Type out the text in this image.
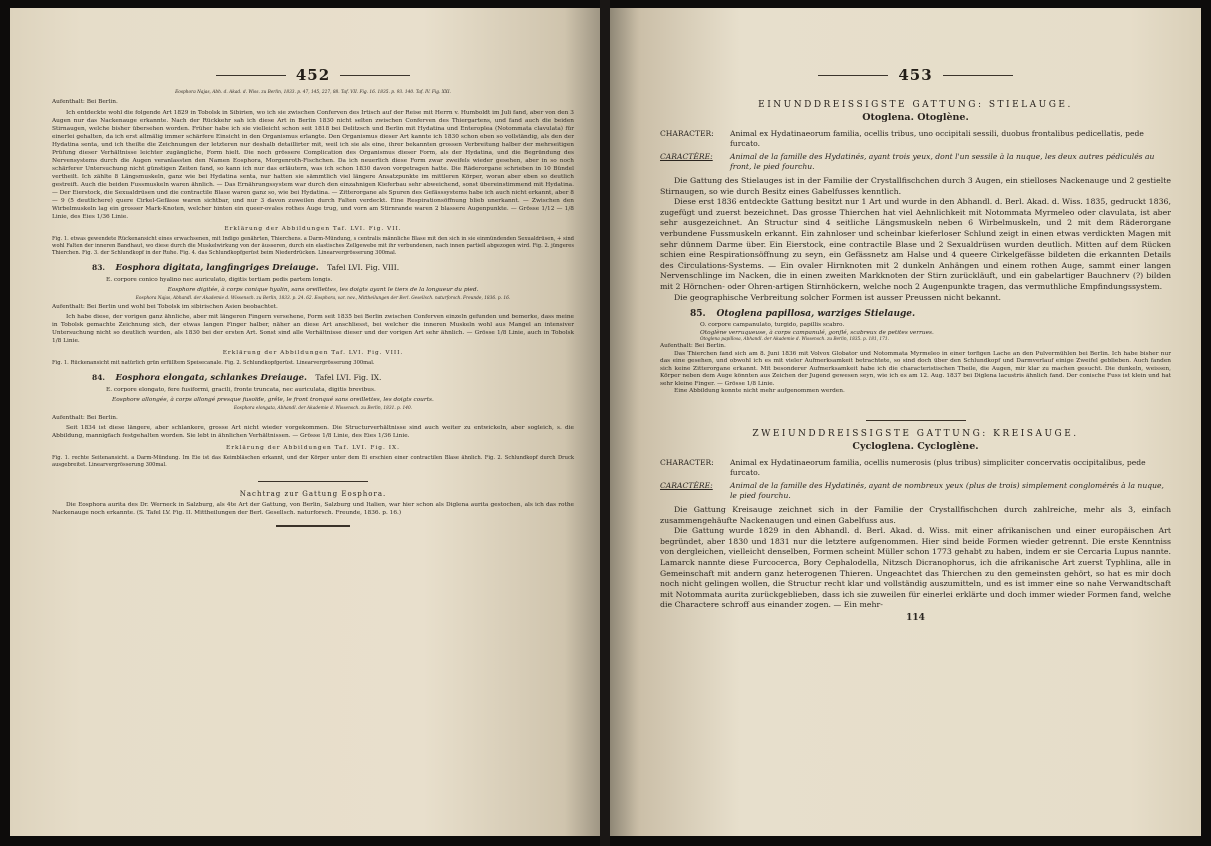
452

Eosphora Najas, Abh. d. Akad. d. Wiss. zu Berlin, 1833. p. 47, 145, 227, 88. Taf. VII. Fig. 16. 1835. p. 93. 140. Taf. IV. Fig. XXI.

Aufenthalt: Bei Berlin.

Ich entdeckte wohl die folgende Art 1829 in Tobolsk in Sibirien, wo ich sie zwischen Conferven des Irtisch auf der Reise mit Herrn v. Humboldt im Juli fand, aber von den 3 Augen nur das Nackenauge erkannte. Nach der Rückkehr sah ich diese Art in Berlin 1830 nicht selten zwischen Conferven des Thiergartens, und fand auch die beiden Stirnaugen, welche bisher übersehen worden. Früher habe ich sie vielleicht schon seit 1818 bei Delitzsch und Berlin mit Hydatina und Enteroplea (Notommata clavulata) für einerlei gehalten, da ich erst allmälig immer schärfere Einsicht in den Organismus erlangte. Den Organismus dieser Art kannte ich 1830 schon eben so vollständig, als den der Hydatina senta, und ich theilte die Zeichnungen der letzteren nur deshalb detaillirter mit, weil ich sie als eine, ihrer bekannten grossen Verbreitung halber der mehrseitigen Prüfung dieser Verhältnisse leichter zugängliche, Form hielt. Die noch grössere Complication des Organismus dieser Form, als der Hydatina, und die Begründung des Nervensystems durch die Augen veranlassten den Namen Eosphora, Morgenroth-Fischchen. Da ich neuerlich diese Form zwar zweifels wieder gesehen, aber in so noch schärferer Untersuchung nicht günstigen Zeiten fand, so kann ich nur das erläutern, was ich schon 1830 davon vorgetragen hatte. Die Räderorgane schrieben in 10 Bündel vertheilt. Ich zählte 8 Längsmuskeln, ganz wie bei Hydatina senta, nur hatten sie sämmtlich viel längere Ansatzpunkte im mittleren Körper, woran aber eben so deutlich gestreift. Auch die beiden Fussmuskeln waren ähnlich. — Das Ernährungssystem war durch den einzahnigen Kieferbau sehr abweichend, sonst übereinstimmend mit Hydatina. — Der Eierstock, die Sexualdrüsen und die contractile Blase waren ganz so, wie bei Hydatina. — Zitterorgane als Spuren des Gefässsystems habe ich auch nicht erkannt, aber 8 — 9 (5 deutlichere) quere Cirkel-Gefässe waren sichtbar, und nur 3 davon zuweilen durch Falten verdeckt. Eine Respirationsöffnung blieb unerkannt. — Zwischen den Wirbelmuskeln lag ein grosser Mark-Knoten, welcher hinten ein queer-ovales rothes Auge trug, und vorn am Stirnrande waren 2 blassere Augenpunkte. — Grösse 1/12 — 1/8 Linie, des Eies 1/36 Linie.

Erklärung der Abbildungen Taf. LVI. Fig. VII.

Fig. 1. etwas gewendete Rückenansicht eines erwachsenen, mit Indigo genährten, Thierchens. a Darm-Mündung, s centralis männliche Blase mit den sich in sie einmündenden Sexualdrüsen, + sind wohl Falten der inneren Bandhaut, wo diese durch die Muskelwirkung von der äusseren, durch ein elastisches Zellgewebe mit ihr verbundenen, nach innen partiell abgezogen wird. Fig. 2. jüngeres Thierchen. Fig. 3. der Schlundkopf in der Ruhe. Fig. 4. das Schlundkopfgerüst beim Niederdrücken. Linearvergrösserung 300mal.

83. Eosphora digitata, langfingriges Dreiauge. Tafel LVI. Fig. VIII.

E. corpore conico hyalino nec auriculato, digitis tertiam pedis partem longis.

Eosphore digitée, à corps conique hyalin, sans oreillettes, les doigts ayant le tiers de la longueur du pied.

Eosphora Najas, Abhandl. der Akademie d. Wissensch. zu Berlin, 1833. p. 24. 62. Eosphora, var. nov., Mittheilungen der Berl. Gesellsch. naturforsch. Freunde, 1836. p. 16.

Aufenthalt: Bei Berlin und wohl bei Tobolsk im sibirischen Asien beobachtet.

Ich habe diese, der vorigen ganz ähnliche, aber mit längeren Fingern versehene, Form seit 1835 bei Berlin zwischen Conferven einzeln gefunden und bemerke, dass meine in Tobolsk gemachte Zeichnung sich, der etwas langen Finger halber, näher an diese Art anschliesst, bei welcher die inneren Muskeln wohl aus Mangel an intensiver Untersuchung nicht so deutlich wurden, als 1830 bei der ersten Art. Sonst sind alle Verhältnisse dieser und der vorigen Art sehr ähnlich. — Grösse 1/8 Linie, auch in Tobolsk 1/8 Linie.

Erklärung der Abbildungen Taf. LVI. Fig. VIII.

Fig. 1. Rückenansicht mit natürlich grün erfülltem Speisecanale. Fig. 2. Schlundkopfgerüst. Linearvergrösserung 300mal.

84. Eosphora elongata, schlankes Dreiauge. Tafel LVI. Fig. IX.

E. corpore elongato, fere fusiformi, gracili, fronte truncata, nec auriculata, digitis brevibus.

Eosphore allongée, à corps allongé presque fusoïde, grêle, le front tronqué sans oreillettes, les doigts courts.

Eosphora elongata, Abhandl. der Akademie d. Wissensch. zu Berlin, 1831. p. 140.

Aufenthalt: Bei Berlin.

Seit 1834 ist diese längere, aber schlankere, grosse Art nicht wieder vorgekommen. Die Structurverhältnisse sind auch weiter zu entwickeln, aber sogleich, s. die Abbildung, mannigfach festgehalten worden. Sie lebt in ähnlichen Verhältnissen. — Grösse 1/8 Linie, des Eies 1/36 Linie.

Erklärung der Abbildungen Taf. LVI. Fig. IX.

Fig. 1. rechte Seitenansicht. a Darm-Mündung. Im Eie ist das Keimbläschen erkannt, und der Körper unter dem Ei erschien einer contractilen Blase ähnlich. Fig. 2. Schlundkopf durch Druck ausgebreitet. Linearvergrösserung 300mal.

Nachtrag zur Gattung Eosphora.

Die Eosphora aurita des Dr. Werneck in Salzburg, als 4te Art der Gattung, von Berlin, Salzburg und Italien, war hier schon als Diglena aurita gestochen, als ich das rothe Nackenauge noch erkannte. (S. Tafel LV. Fig. II. Mittheilungen der Berl. Gesellsch. naturforsch. Freunde, 1836. p. 16.)

453

EINUNDDREISSIGSTE GATTUNG: STIELAUGE.

Otoglena. Otoglène.

CHARACTER:	Animal ex Hydatinaeorum familia, ocellis tribus, uno occipitali sessili, duobus frontalibus pedicellatis, pede furcato.
CARACTÈRE:	Animal de la famille des Hydatinés, ayant trois yeux, dont l'un sessile à la nuque, les deux autres pédiculés au front, le pied fourchu.

Die Gattung des Stielauges ist in der Familie der Crystallfischchen durch 3 Augen, ein stielloses Nackenauge und 2 gestielte Stirnaugen, so wie durch Besitz eines Gabelfusses kenntlich.

Diese erst 1836 entdeckte Gattung besitzt nur 1 Art und wurde in den Abhandl. d. Berl. Akad. d. Wiss. 1835, gedruckt 1836, zugefügt und zuerst bezeichnet. Das grosse Thierchen hat viel Aehnlichkeit mit Notommata Myrmeleo oder clavulata, ist aber sehr ausgezeichnet. An Structur sind 4 seitliche Längsmuskeln neben 6 Wirbelmuskeln, und 2 mit dem Räderorgane verbundene Fussmuskeln erkannt. Ein zahnloser und scheinbar kieferloser Schlund zeigt in einen etwas verdickten Magen mit sehr dünnem Darme über. Ein Eierstock, eine contractile Blase und 2 Sexualdrüsen wurden deutlich. Mitten auf dem Rücken schien eine Respirationsöffnung zu seyn, ein Gefässnetz am Halse und 4 queere Cirkelgefässe bildeten die erkannten Details des Circulations-Systems. — Ein ovaler Hirnknoten mit 2 dunkeln Anhängen und einem rothen Auge, sammt einer langen Nervenschlinge im Nacken, die in einen zweiten Markknoten der Stirn zurückläuft, und ein gabelartiger Bauchnerv (?) bilden mit 2 Hörnchen- oder Ohren-artigen Stirnhöckern, welche noch 2 Augenpunkte tragen, das vermuthliche Empfindungssystem.

Die geographische Verbreitung solcher Formen ist ausser Preussen nicht bekannt.

85. Otoglena papillosa, warziges Stielauge.

O. corpore campanulato, turgido, papillis scabro.

Otoglène verruqueuse, à corps campanulé, gonflé, scabreux de petites verrues.

Otoglena papillosa, Abhandl. der Akademie d. Wissensch. zu Berlin, 1835. p. 181, 171.

Aufenthalt: Bei Berlin.

Das Thierchen fand sich am 8. Juni 1836 mit Volvox Globator und Notommata Myrmeleo in einer torfigen Lache an den Pulvermühlen bei Berlin. Ich habe bisher nur das eine gesehen, und obwohl ich es mit vieler Aufmerksamkeit betrachtete, so sind doch über den Schlundkopf und Darmverlauf einige Zweifel geblieben. Auch fanden sich keine Zitterorgane erkannt. Mit besonderer Aufmerksamkeit habe ich die characteristischen Theile, die Augen, mir klar zu machen gesucht. Die dunkeln, weissen, Körper neben dem Auge könnten aus Zeichen der Jugend gewesen seyn, wie ich es am 12. Aug. 1837 bei Diglena lacustris ähnlich fand. Der conische Fuss ist klein und hat sehr kleine Finger. — Grösse 1/8 Linie.

Eine Abbildung konnte nicht mehr aufgenommen werden.

ZWEIUNDDREISSIGSTE GATTUNG: KREISAUGE.

Cycloglena. Cycloglène.

CHARACTER:	Animal ex Hydatinaeorum familia, ocellis numerosis (plus tribus) simpliciter concervatis occipitalibus, pede furcato.
CARACTÈRE:	Animal de la famille des Hydatinés, ayant de nombreux yeux (plus de trois) simplement conglomérés à la nuque, le pied fourchu.

Die Gattung Kreisauge zeichnet sich in der Familie der Crystallfischchen durch zahlreiche, mehr als 3, einfach zusammengehäufte Nackenaugen und einen Gabelfuss aus.

Die Gattung wurde 1829 in den Abhandl. d. Berl. Akad. d. Wiss. mit einer afrikanischen und einer europäischen Art begründet, aber 1830 und 1831 nur die letztere aufgenommen. Hier sind beide Formen wieder getrennt. Die erste Kenntniss von dergleichen, vielleicht denselben, Formen scheint Müller schon 1773 gehabt zu haben, indem er sie Cercaria Lupus nannte. Lamarck nannte diese Furcocerca, Bory Cephalodella, Nitzsch Dicranophorus, ich die afrikanische Art zuerst Typhlina, alle in Gemeinschaft mit andern ganz heterogenen Thieren. Ungeachtet das Thierchen zu den gemeinsten gehört, so hat es mir doch noch nicht gelingen wollen, die Structur recht klar und vollständig auszumitteln, und es ist immer eine so nahe Verwandtschaft mit Notommata aurita zurückgeblieben, dass ich sie zuweilen für einerlei erklärte und doch immer wieder Formen fand, welche die Charactere schroff aus einander zogen. — Ein mehr-

114
